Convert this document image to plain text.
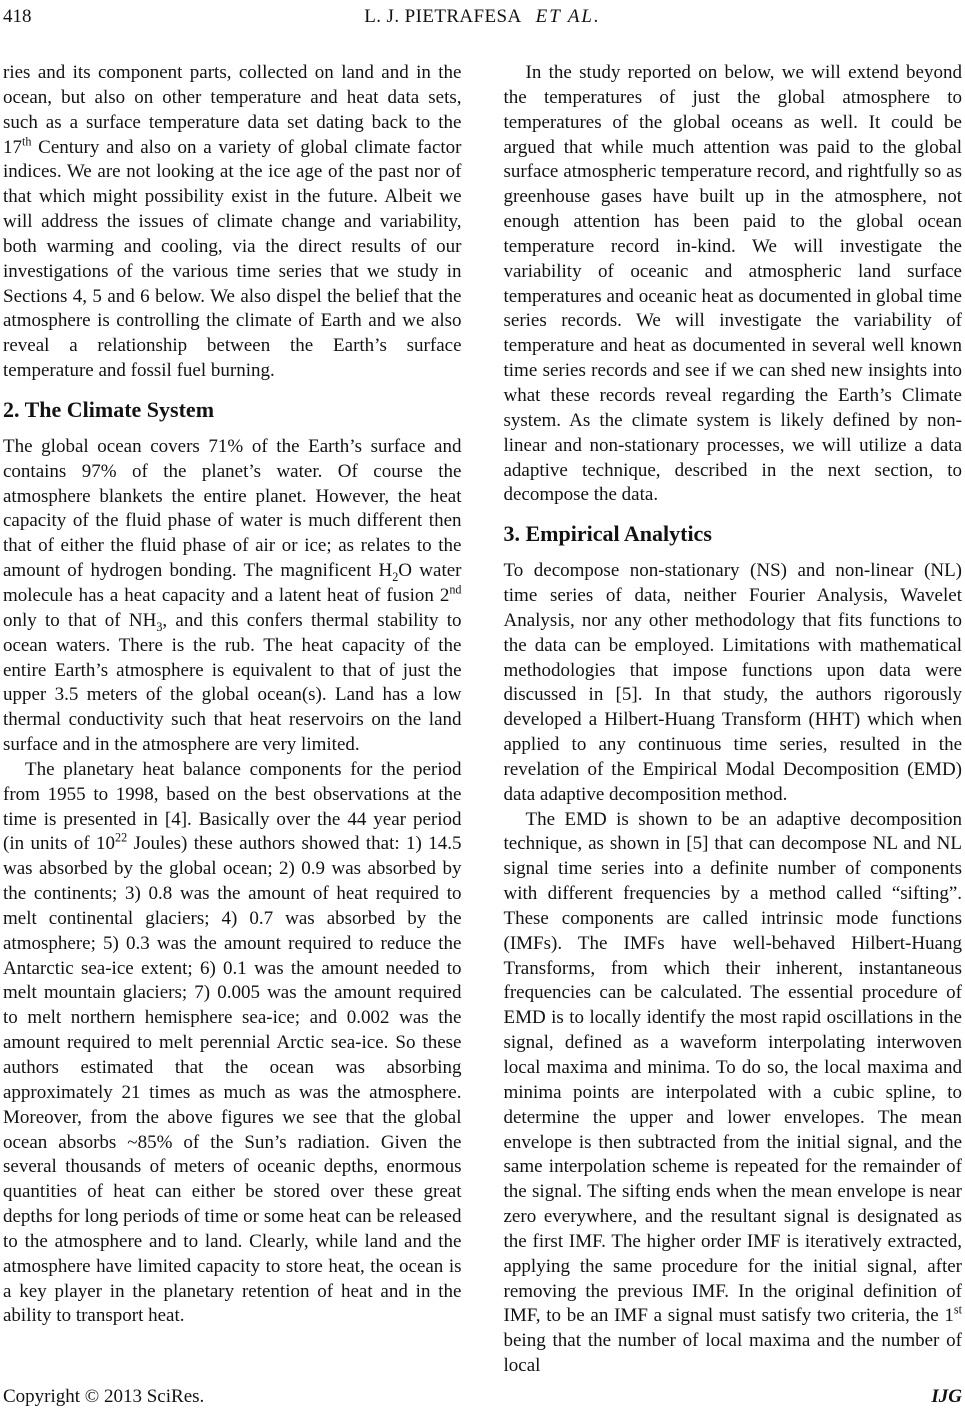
418	L. J. PIETRAFESA ET AL.

ries and its component parts, collected on land and in the ocean, but also on other temperature and heat data sets, such as a surface temperature data set dating back to the 17th Century and also on a variety of global climate factor indices. We are not looking at the ice age of the past nor of that which might possibility exist in the future. Albeit we will address the issues of climate change and variability, both warming and cooling, via the direct results of our investigations of the various time series that we study in Sections 4, 5 and 6 below. We also dispel the belief that the atmosphere is controlling the climate of Earth and we also reveal a relationship between the Earth’s surface temperature and fossil fuel burning.

2. The Climate System

The global ocean covers 71% of the Earth’s surface and contains 97% of the planet’s water. Of course the atmosphere blankets the entire planet. However, the heat capacity of the fluid phase of water is much different then that of either the fluid phase of air or ice; as relates to the amount of hydrogen bonding. The magnificent $H_2O$ water molecule has a heat capacity and a latent heat of fusion 2nd only to that of $NH_3$, and this confers thermal stability to ocean waters. There is the rub. The heat capacity of the entire Earth’s atmosphere is equivalent to that of just the upper 3.5 meters of the global ocean(s). Land has a low thermal conductivity such that heat reservoirs on the land surface and in the atmosphere are very limited.

The planetary heat balance components for the period from 1955 to 1998, based on the best observations at the time is presented in [4]. Basically over the 44 year period (in units of $10^{22}$ Joules) these authors showed that: 1) 14.5 was absorbed by the global ocean; 2) 0.9 was absorbed by the continents; 3) 0.8 was the amount of heat required to melt continental glaciers; 4) 0.7 was absorbed by the atmosphere; 5) 0.3 was the amount required to reduce the Antarctic sea-ice extent; 6) 0.1 was the amount needed to melt mountain glaciers; 7) 0.005 was the amount required to melt northern hemisphere sea-ice; and 0.002 was the amount required to melt perennial Arctic sea-ice. So these authors estimated that the ocean was absorbing approximately 21 times as much as was the atmosphere. Moreover, from the above figures we see that the global ocean absorbs ~85% of the Sun’s radiation. Given the several thousands of meters of oceanic depths, enormous quantities of heat can either be stored over these great depths for long periods of time or some heat can be released to the atmosphere and to land. Clearly, while land and the atmosphere have limited capacity to store heat, the ocean is a key player in the planetary retention of heat and in the ability to transport heat.

In the study reported on below, we will extend beyond the temperatures of just the global atmosphere to temperatures of the global oceans as well. It could be argued that while much attention was paid to the global surface atmospheric temperature record, and rightfully so as greenhouse gases have built up in the atmosphere, not enough attention has been paid to the global ocean temperature record in-kind. We will investigate the variability of oceanic and atmospheric land surface temperatures and oceanic heat as documented in global time series records. We will investigate the variability of temperature and heat as documented in several well known time series records and see if we can shed new insights into what these records reveal regarding the Earth’s Climate system. As the climate system is likely defined by non-linear and non-stationary processes, we will utilize a data adaptive technique, described in the next section, to decompose the data.

3. Empirical Analytics

To decompose non-stationary (NS) and non-linear (NL) time series of data, neither Fourier Analysis, Wavelet Analysis, nor any other methodology that fits functions to the data can be employed. Limitations with mathematical methodologies that impose functions upon data were discussed in [5]. In that study, the authors rigorously developed a Hilbert-Huang Transform (HHT) which when applied to any continuous time series, resulted in the revelation of the Empirical Modal Decomposition (EMD) data adaptive decomposition method.

The EMD is shown to be an adaptive decomposition technique, as shown in [5] that can decompose NL and NL signal time series into a definite number of components with different frequencies by a method called “sifting”. These components are called intrinsic mode functions (IMFs). The IMFs have well-behaved Hilbert-Huang Transforms, from which their inherent, instantaneous frequencies can be calculated. The essential procedure of EMD is to locally identify the most rapid oscillations in the signal, defined as a waveform interpolating interwoven local maxima and minima. To do so, the local maxima and minima points are interpolated with a cubic spline, to determine the upper and lower envelopes. The mean envelope is then subtracted from the initial signal, and the same interpolation scheme is repeated for the remainder of the signal. The sifting ends when the mean envelope is near zero everywhere, and the resultant signal is designated as the first IMF. The higher order IMF is iteratively extracted, applying the same procedure for the initial signal, after removing the previous IMF. In the original definition of IMF, to be an IMF a signal must satisfy two criteria, the 1st being that the number of local maxima and the number of local

Copyright © 2013 SciRes.	IJG
